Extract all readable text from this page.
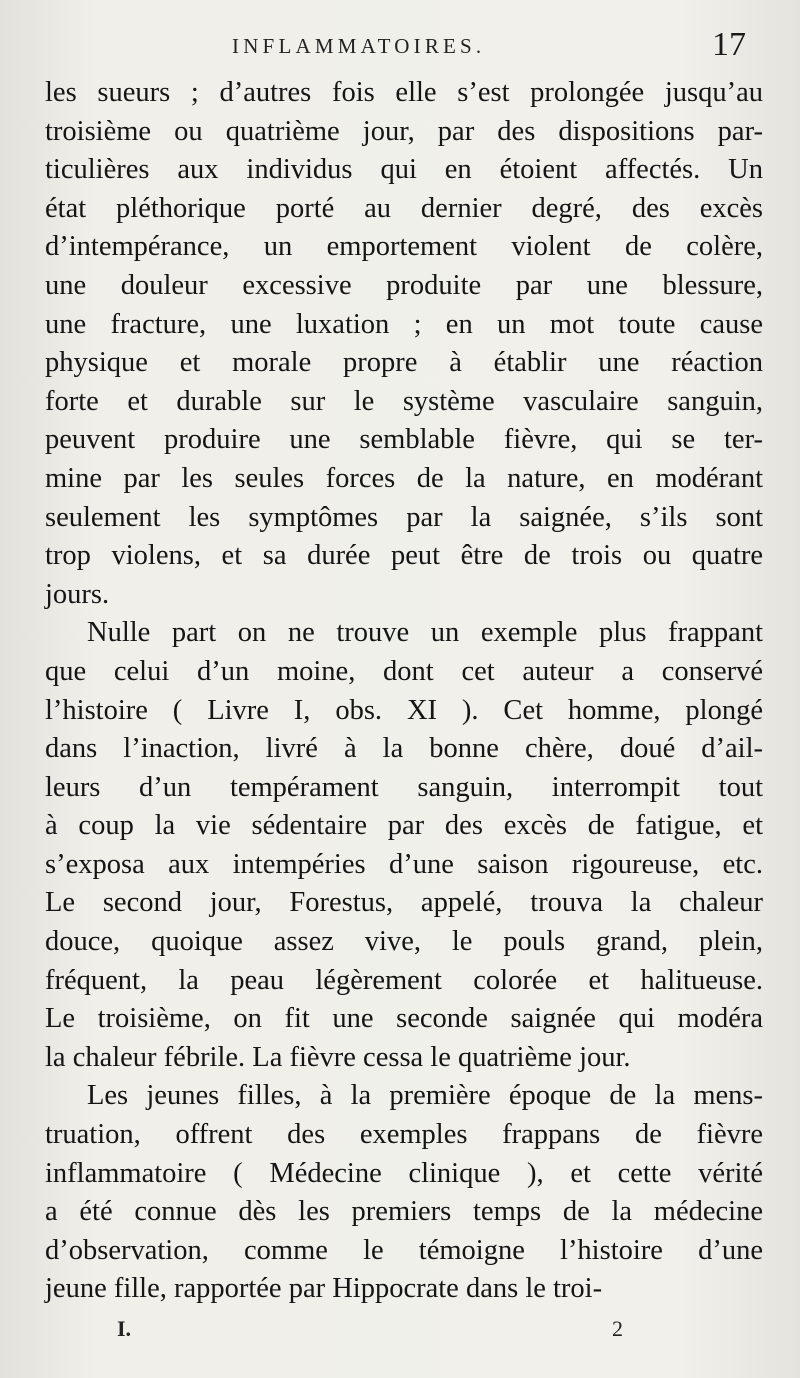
INFLAMMATOIRES.	17
les sueurs ; d’autres fois elle s’est prolongée jusqu’au
troisième ou quatrième jour, par des dispositions par-
ticulières aux individus qui en étoient affectés. Un
état pléthorique porté au dernier degré, des excès
d’intempérance, un emportement violent de colère,
une douleur excessive produite par une blessure,
une fracture, une luxation ; en un mot toute cause
physique et morale propre à établir une réaction
forte et durable sur le système vasculaire sanguin,
peuvent produire une semblable fièvre, qui se ter-
mine par les seules forces de la nature, en modérant
seulement les symptômes par la saignée, s’ils sont
trop violens, et sa durée peut être de trois ou quatre
jours.
Nulle part on ne trouve un exemple plus frappant
que celui d’un moine, dont cet auteur a conservé
l’histoire ( Livre I, obs. XI ). Cet homme, plongé
dans l’inaction, livré à la bonne chère, doué d’ail-
leurs d’un tempérament sanguin, interrompit tout
à coup la vie sédentaire par des excès de fatigue, et
s’exposa aux intempéries d’une saison rigoureuse, etc.
Le second jour, Forestus, appelé, trouva la chaleur
douce, quoique assez vive, le pouls grand, plein,
fréquent, la peau légèrement colorée et halitueuse.
Le troisième, on fit une seconde saignée qui modéra
la chaleur fébrile. La fièvre cessa le quatrième jour.
Les jeunes filles, à la première époque de la mens-
truation, offrent des exemples frappans de fièvre
inflammatoire ( Médecine clinique ), et cette vérité
a été connue dès les premiers temps de la médecine
d’observation, comme le témoigne l’histoire d’une
jeune fille, rapportée par Hippocrate dans le troi-
I.	2
